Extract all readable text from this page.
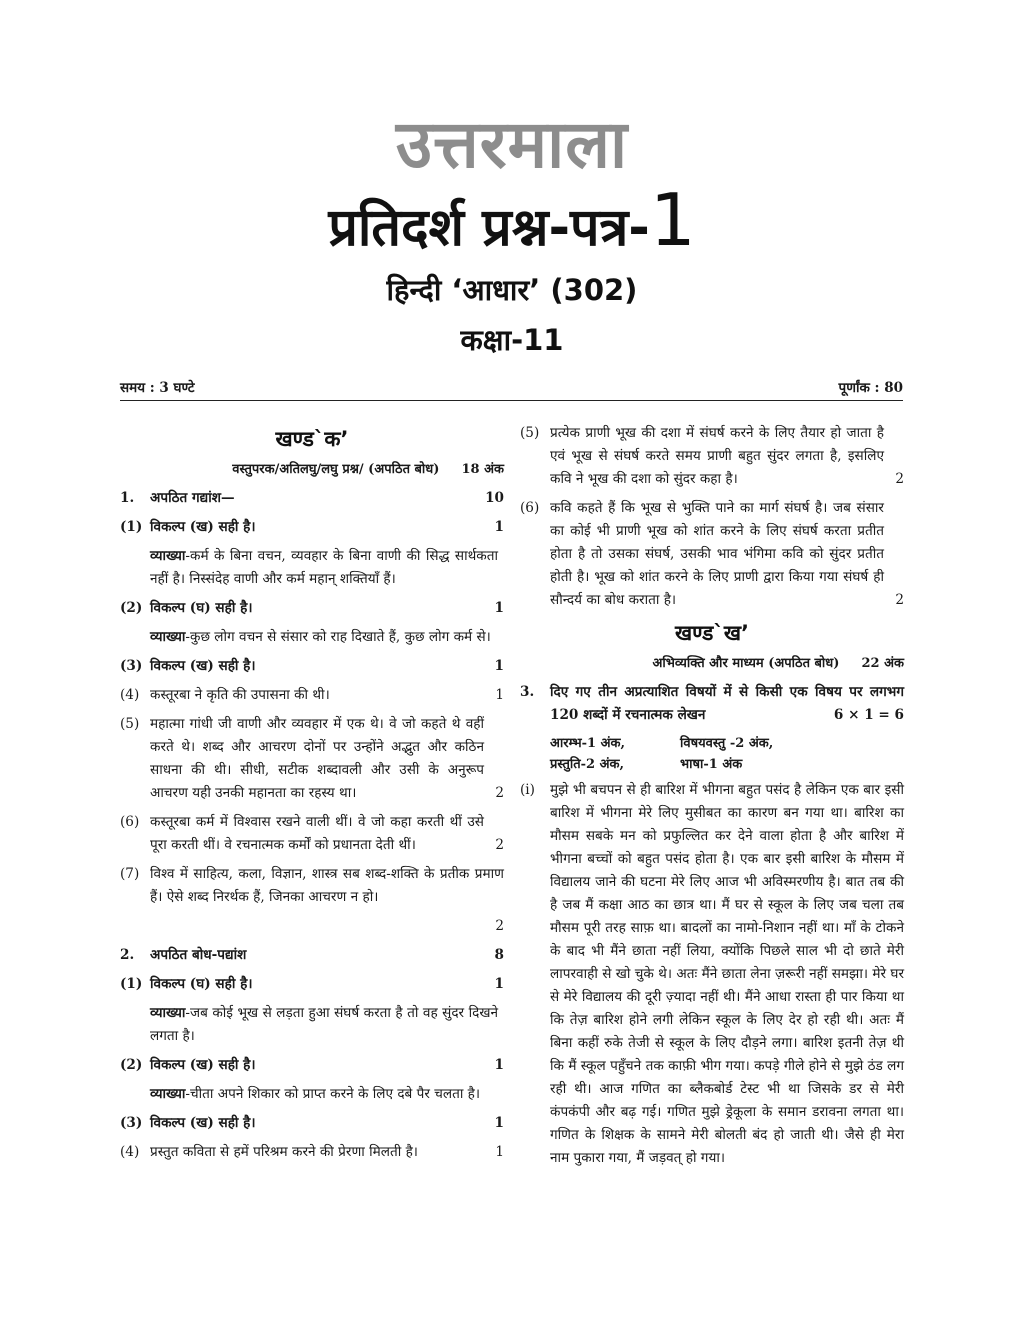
उत्तरमाला
प्रतिदर्श प्रश्न-पत्र-1
हिन्दी ‘आधार’ (302)
कक्षा-11
समय : 3 घण्टे	पूर्णांक : 80
खण्ड`क’
वस्तुपरक/अतिलघु/लघु प्रश्न/ (अपठित बोध) 18 अंक
1. अपठित गद्यांश—	10
(1) विकल्प (ख) सही है।	1
व्याख्या-कर्म के बिना वचन, व्यवहार के बिना वाणी की सिद्ध सार्थकता नहीं है। निस्संदेह वाणी और कर्म महान् शक्तियाँ हैं।
(2) विकल्प (घ) सही है।	1
व्याख्या-कुछ लोग वचन से संसार को राह दिखाते हैं, कुछ लोग कर्म से।
(3) विकल्प (ख) सही है।	1
(4) कस्तूरबा ने कृति की उपासना की थी।	1
(5) महात्मा गांधी जी वाणी और व्यवहार में एक थे। वे जो कहते थे वहीं करते थे। शब्द और आचरण दोनों पर उन्होंने अद्भुत और कठिन साधना की थी। सीधी, सटीक शब्दावली और उसी के अनुरूप आचरण यही उनकी महानता का रहस्य था।	2
(6) कस्तूरबा कर्म में विश्वास रखने वाली थीं। वे जो कहा करती थीं उसे पूरा करती थीं। वे रचनात्मक कर्मों को प्रधानता देती थीं।	2
(7) विश्व में साहित्य, कला, विज्ञान, शास्त्र सब शब्द-शक्ति के प्रतीक प्रमाण हैं। ऐसे शब्द निरर्थक हैं, जिनका आचरण न हो।
2
2. अपठित बोध-पद्यांश	8
(1) विकल्प (घ) सही है।	1
व्याख्या-जब कोई भूख से लड़ता हुआ संघर्ष करता है तो वह सुंदर दिखने लगता है।
(2) विकल्प (ख) सही है।	1
व्याख्या-चीता अपने शिकार को प्राप्त करने के लिए दबे पैर चलता है।
(3) विकल्प (ख) सही है।	1
(4) प्रस्तुत कविता से हमें परिश्रम करने की प्रेरणा मिलती है।	1
(5) प्रत्येक प्राणी भूख की दशा में संघर्ष करने के लिए तैयार हो जाता है एवं भूख से संघर्ष करते समय प्राणी बहुत सुंदर लगता है, इसलिए कवि ने भूख की दशा को सुंदर कहा है।	2
(6) कवि कहते हैं कि भूख से भुक्ति पाने का मार्ग संघर्ष है। जब संसार का कोई भी प्राणी भूख को शांत करने के लिए संघर्ष करता प्रतीत होता है तो उसका संघर्ष, उसकी भाव भंगिमा कवि को सुंदर प्रतीत होती है। भूख को शांत करने के लिए प्राणी द्वारा किया गया संघर्ष ही सौन्दर्य का बोध कराता है।	2
खण्ड`ख’
अभिव्यक्ति और माध्यम (अपठित बोध) 22 अंक
3. दिए गए तीन अप्रत्याशित विषयों में से किसी एक विषय पर लगभग 120 शब्दों में रचनात्मक लेखन	6 × 1 = 6
आरम्भ-1 अंक,	विषयवस्तु -2 अंक,
प्रस्तुति-2 अंक,	भाषा-1 अंक
(i) मुझे भी बचपन से ही बारिश में भीगना बहुत पसंद है लेकिन एक बार इसी बारिश में भीगना मेरे लिए मुसीबत का कारण बन गया था। बारिश का मौसम सबके मन को प्रफुल्लित कर देने वाला होता है और बारिश में भीगना बच्चों को बहुत पसंद होता है। एक बार इसी बारिश के मौसम में विद्यालय जाने की घटना मेरे लिए आज भी अविस्मरणीय है। बात तब की है जब मैं कक्षा आठ का छात्र था। मैं घर से स्कूल के लिए जब चला तब मौसम पूरी तरह साफ़ था। बादलों का नामो-निशान नहीं था। माँ के टोकने के बाद भी मैंने छाता नहीं लिया, क्योंकि पिछले साल भी दो छाते मेरी लापरवाही से खो चुके थे। अतः मैंने छाता लेना ज़रूरी नहीं समझा। मेरे घर से मेरे विद्यालय की दूरी ज़्यादा नहीं थी। मैंने आधा रास्ता ही पार किया था कि तेज़ बारिश होने लगी लेकिन स्कूल के लिए देर हो रही थी। अतः मैं बिना कहीं रुके तेजी से स्कूल के लिए दौड़ने लगा। बारिश इतनी तेज़ थी कि मैं स्कूल पहुँचने तक काफ़ी भीग गया। कपड़े गीले होने से मुझे ठंड लग रही थी। आज गणित का ब्लैकबोर्ड टेस्ट भी था जिसके डर से मेरी कंपकंपी और बढ़ गई। गणित मुझे ड्रेकूला के समान डरावना लगता था। गणित के शिक्षक के सामने मेरी बोलती बंद हो जाती थी। जैसे ही मेरा नाम पुकारा गया, मैं जड़वत् हो गया।
